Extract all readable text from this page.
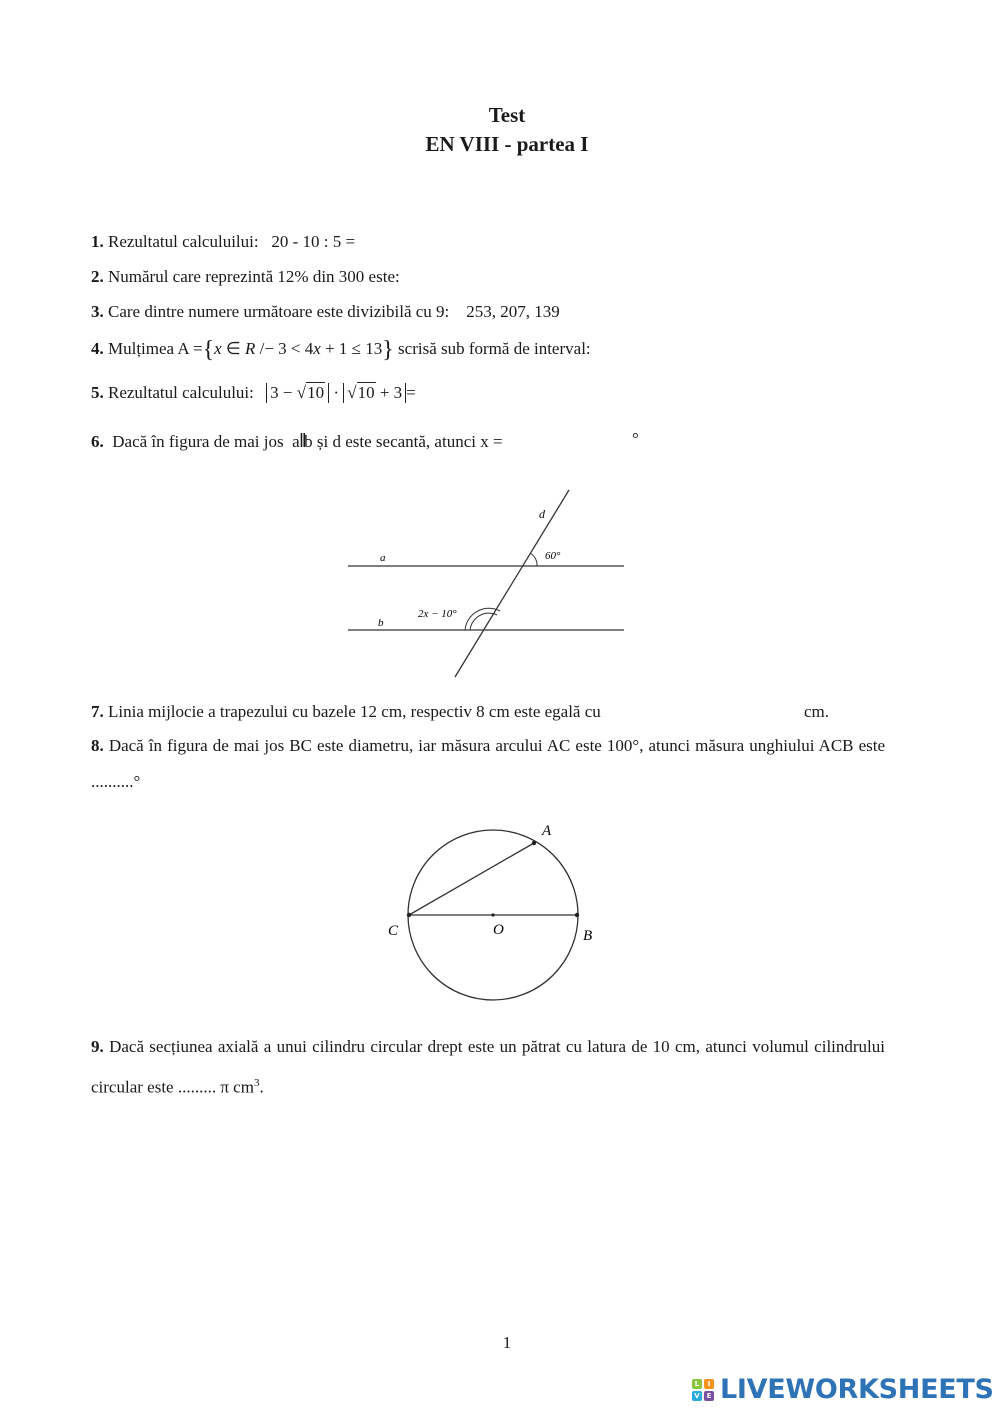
Test
EN VIII - partea I
1. Rezultatul calculuilui:   20 - 10 : 5 =
2. Numărul care reprezintă 12% din 300 este:
3. Care dintre numere următoare este divizibilă cu 9:    253, 207, 139
4. Mulțimea A ={x ∈ R /− 3 < 4x + 1 ≤ 13} scrisă sub formă de interval:
5. Rezultatul calculului: 3 − √10 · √10 + 3 =
6.  Dacă în figura de mai jos  a‖b și d este secantă, atunci x =	°
d
a
b
60°
2x − 10°
7. Linia mijlocie a trapezului cu bazele 12 cm, respectiv 8 cm este egală cu	cm.
8. Dacă în figura de mai jos BC este diametru, iar măsura arcului AC este 100°, atunci măsura unghiului ACB este ..........°
A
B
C	O
9. Dacă secțiunea axială a unui cilindru circular drept este un pătrat cu latura de 10 cm, atunci volumul cilindrului circular este ......... π $cm^3$.
1
L	I
V E LIVEWORKSHEETS
